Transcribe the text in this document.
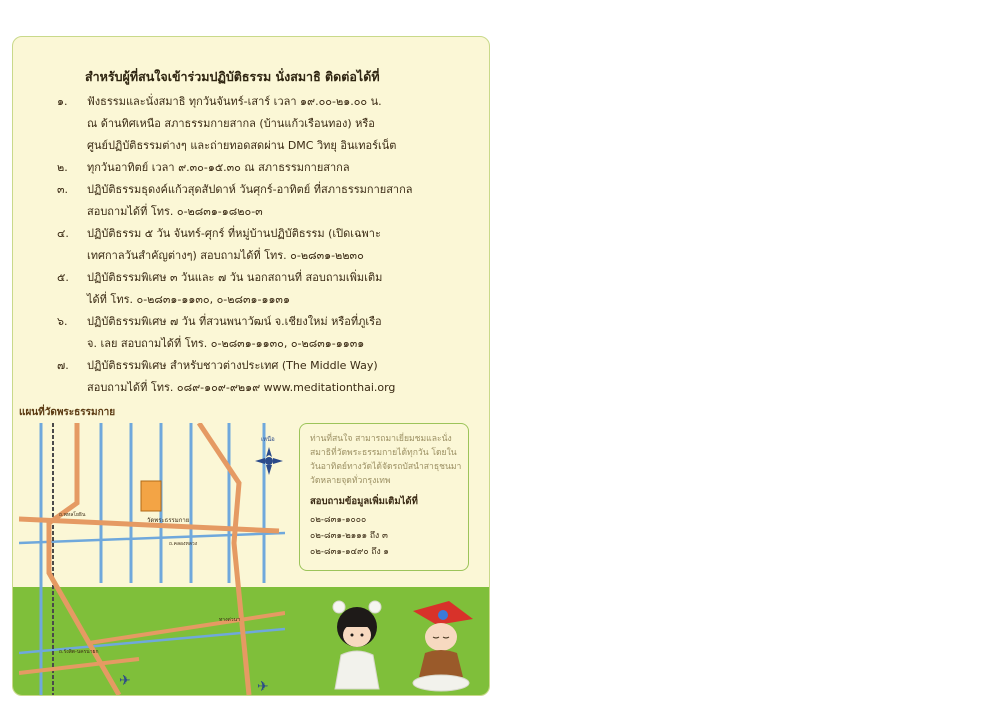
สำหรับผู้ที่สนใจเข้าร่วมปฏิบัติธรรม นั่งสมาธิ ติดต่อได้ที่
๑.	ฟังธรรมและนั่งสมาธิ ทุกวันจันทร์-เสาร์ เวลา ๑๙.๐๐-๒๑.๐๐ น.
ณ ด้านทิศเหนือ สภาธรรมกายสากล (บ้านแก้วเรือนทอง) หรือ
ศูนย์ปฏิบัติธรรมต่างๆ และถ่ายทอดสดผ่าน DMC วิทยุ อินเทอร์เน็ต
๒.	ทุกวันอาทิตย์ เวลา ๙.๓๐-๑๕.๓๐ ณ สภาธรรมกายสากล
๓.	ปฏิบัติธรรมธุดงค์แก้วสุดสัปดาห์ วันศุกร์-อาทิตย์ ที่สภาธรรมกายสากล
สอบถามได้ที่ โทร. ๐-๒๘๓๑-๑๘๒๐-๓
๔.	ปฏิบัติธรรม ๕ วัน จันทร์-ศุกร์ ที่หมู่บ้านปฏิบัติธรรม (เปิดเฉพาะ
เทศกาลวันสำคัญต่างๆ) สอบถามได้ที่ โทร. ๐-๒๘๓๑-๒๒๓๐
๕.	ปฏิบัติธรรมพิเศษ ๓ วันและ ๗ วัน นอกสถานที่ สอบถามเพิ่มเติม
ได้ที่ โทร. ๐-๒๘๓๑-๑๑๓๐, ๐-๒๘๓๑-๑๑๓๑
๖.	ปฏิบัติธรรมพิเศษ ๗ วัน ที่สวนพนาวัฒน์ จ.เชียงใหม่ หรือที่ภูเรือ
จ. เลย สอบถามได้ที่ โทร. ๐-๒๘๓๑-๑๑๓๐, ๐-๒๘๓๑-๑๑๓๑
๗.	ปฏิบัติธรรมพิเศษ สำหรับชาวต่างประเทศ (The Middle Way)
สอบถามได้ที่ โทร. ๐๘๙-๑๐๙-๙๒๑๙ www.meditationthai.org
แผนที่วัดพระธรรมกาย
วัดพระธรรมกาย
เหนือ
ถ.พหลโยธิน
ถ.คลองหลวง
ทางด่วนฯ
ถ.รังสิต-นครนายก
✈	✈
ท่านที่สนใจ สามารถมาเยี่ยมชมและนั่งสมาธิที่วัดพระธรรมกายได้ทุกวัน โดยในวันอาทิตย์ทางวัดได้จัดรถบัสนำสาธุชนมาวัดหลายจุดทั่วกรุงเทพ
สอบถามข้อมูลเพิ่มเติมได้ที่
๐๒-๘๓๑-๑๐๐๐
๐๒-๘๓๑-๒๑๑๑ ถึง ๓
๐๒-๘๓๑-๑๔๙๐ ถึง ๑
